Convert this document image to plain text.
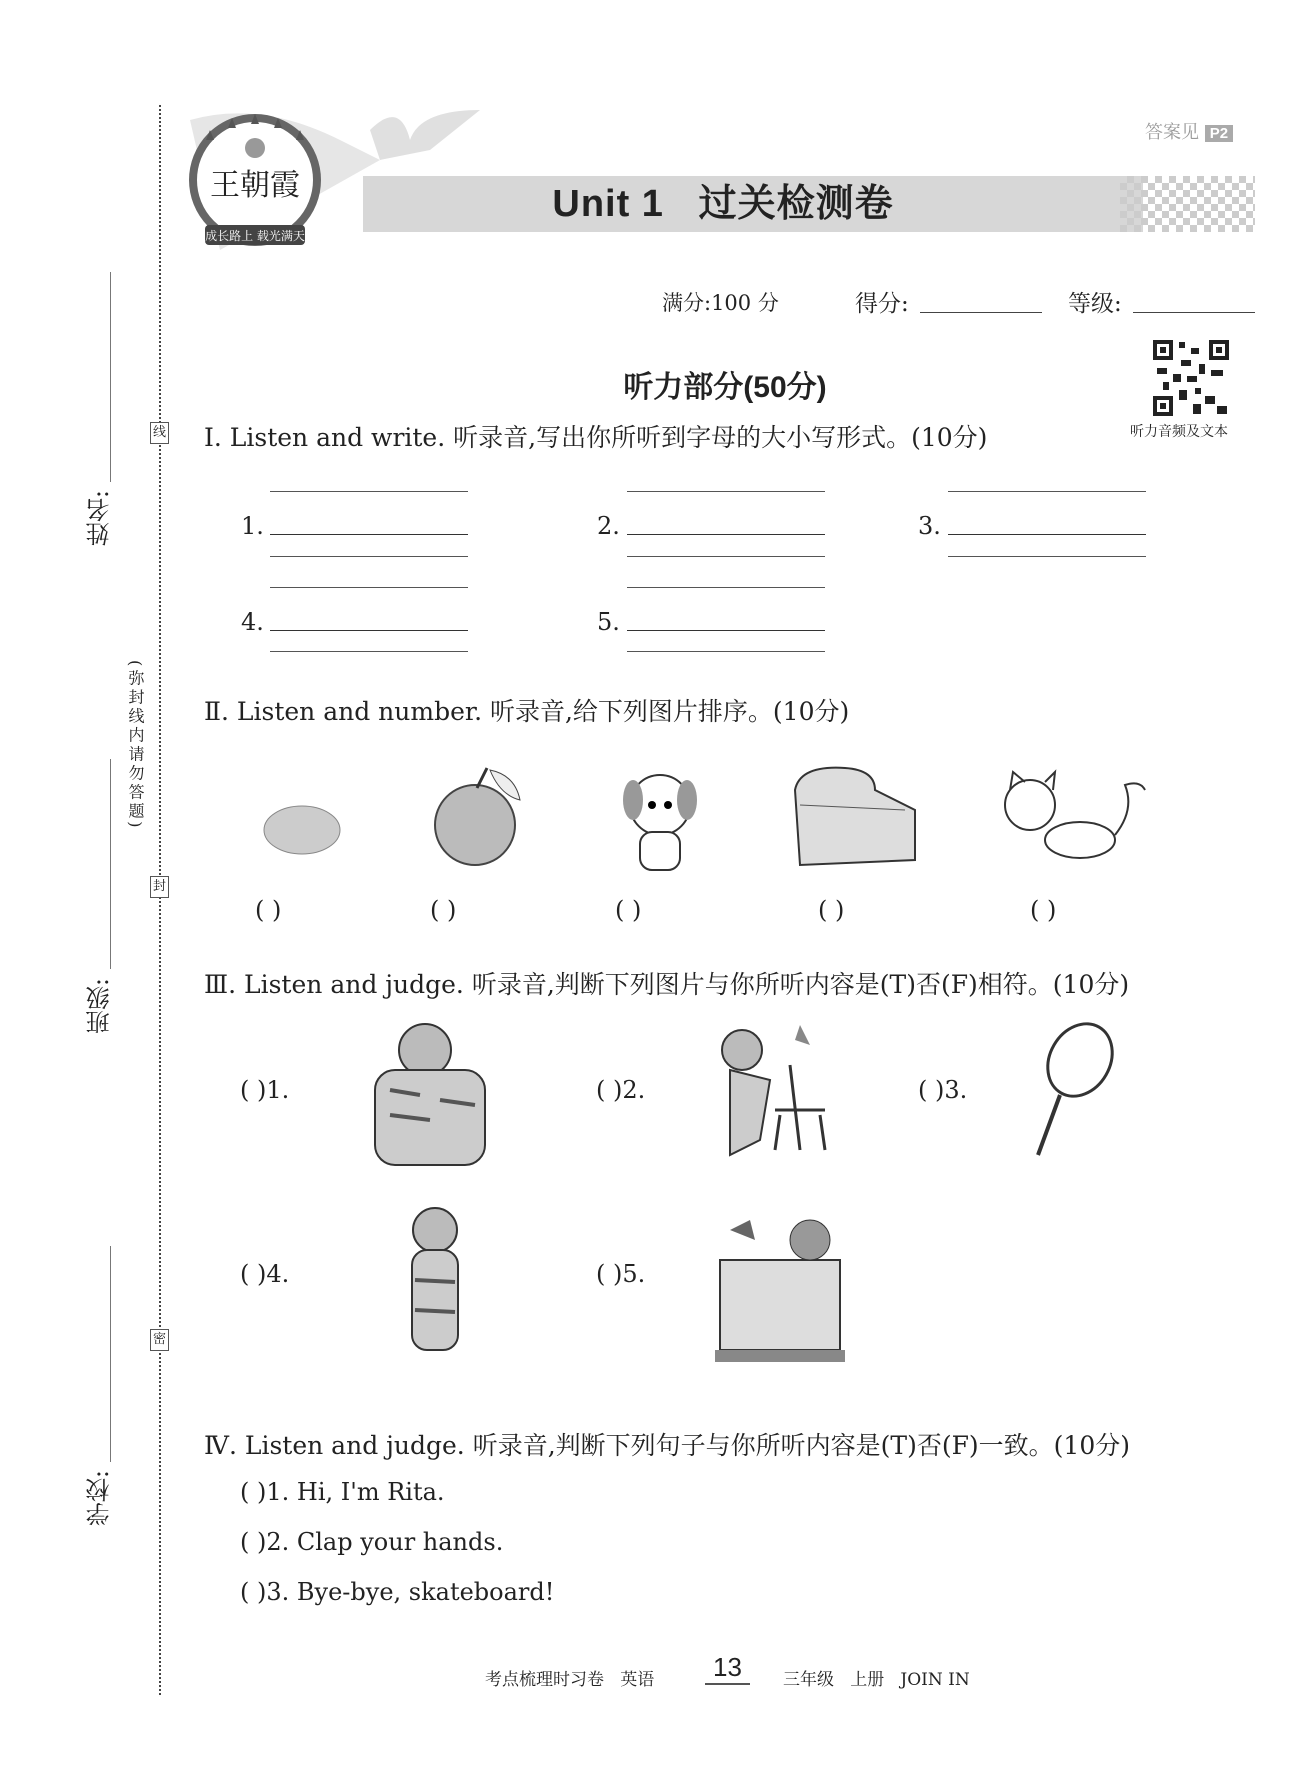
线
封
密
姓名:
班级:
学校:
(弥封线内请勿答题)
王朝霞
成长路上 载光满天
答案见 P2
Unit 1   过关检测卷
满分:100 分	得分:	等级:
听力部分(50分)
听力音频及文本
Ⅰ. Listen and write. 听录音,写出你所听到字母的大小写形式。(10分)
1.	2.	3.
4.	5.
Ⅱ. Listen and number. 听录音,给下列图片排序。(10分)
( )	( )	( )	( )	( )
Ⅲ. Listen and judge. 听录音,判断下列图片与你所听内容是(T)否(F)相符。(10分)
( )1.	( )2.	( )3.
( )4.	( )5.
Ⅳ. Listen and judge. 听录音,判断下列句子与你所听内容是(T)否(F)一致。(10分)
( )1. Hi, I'm Rita.
( )2. Clap your hands.
( )3. Bye-bye, skateboard!
考点梳理时习卷   英语	13	三年级   上册   JOIN IN
